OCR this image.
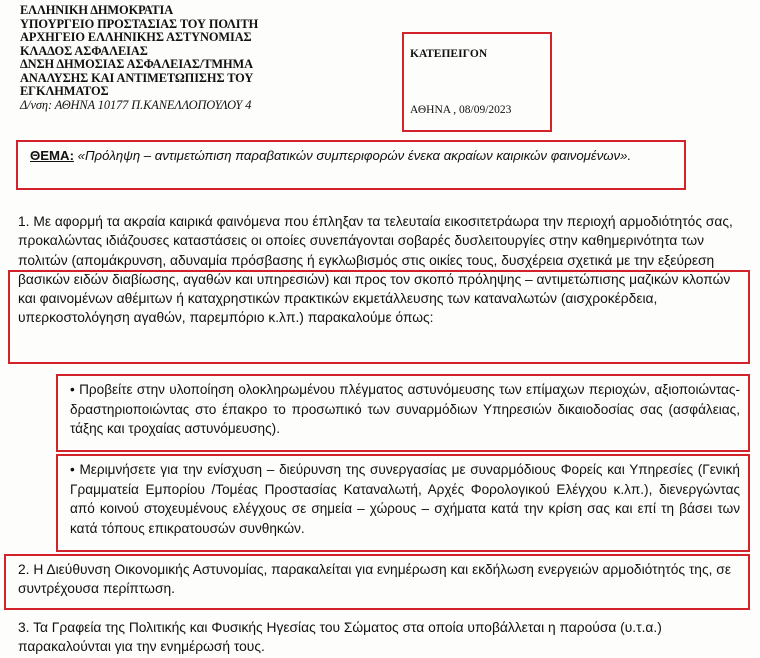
ΕΛΛΗΝΙΚΗ ΔΗΜΟΚΡΑΤΙΑ
ΥΠΟΥΡΓΕΙΟ ΠΡΟΣΤΑΣΙΑΣ ΤΟΥ ΠΟΛΙΤΗ
ΑΡΧΗΓΕΙΟ ΕΛΛΗΝΙΚΗΣ ΑΣΤΥΝΟΜΙΑΣ
ΚΛΑΔΟΣ ΑΣΦΑΛΕΙΑΣ
ΔΝΣΗ ΔΗΜΟΣΙΑΣ ΑΣΦΑΛΕΙΑΣ/ΤΜΗΜΑ
ΑΝΑΛΥΣΗΣ ΚΑΙ ΑΝΤΙΜΕΤΩΠΙΣΗΣ ΤΟΥ
ΕΓΚΛΗΜΑΤΟΣ
Δ/νση: ΑΘΗΝΑ 10177 Π.ΚΑΝΕΛΛΟΠΟΥΛΟΥ 4
ΚΑΤΕΠΕΙΓΟΝ
ΑΘΗΝΑ , 08/09/2023
ΘΕΜΑ: «Πρόληψη – αντιμετώπιση παραβατικών συμπεριφορών ένεκα ακραίων καιρικών φαινομένων».
1. Με αφορμή τα ακραία καιρικά φαινόμενα που έπληξαν τα τελευταία εικοσιτετράωρα την περιοχή αρμοδιότητός σας, προκαλώντας ιδιάζουσες καταστάσεις οι οποίες συνεπάγονται σοβαρές δυσλειτουργίες στην καθημερινότητα των πολιτών (απομάκρυνση, αδυναμία πρόσβασης ή εγκλωβισμός στις οικίες τους, δυσχέρεια σχετικά με την εξεύρεση βασικών ειδών διαβίωσης, αγαθών και υπηρεσιών) και προς τον σκοπό πρόληψης – αντιμετώπισης μαζικών κλοπών και φαινομένων αθέμιτων ή καταχρηστικών πρακτικών εκμετάλλευσης των καταναλωτών (αισχροκέρδεια, υπερκοστολόγηση αγαθών, παρεμπόριο κ.λπ.) παρακαλούμε όπως:
• Προβείτε στην υλοποίηση ολοκληρωμένου πλέγματος αστυνόμευσης των επίμαχων περιοχών, αξιοποιώντας-δραστηριοποιώντας στο έπακρο το προσωπικό των συναρμόδιων Υπηρεσιών δικαιοδοσίας σας (ασφάλειας, τάξης και τροχαίας αστυνόμευσης).
• Μεριμνήσετε για την ενίσχυση – διεύρυνση της συνεργασίας με συναρμόδιους Φορείς και Υπηρεσίες (Γενική Γραμματεία Εμπορίου /Τομέας Προστασίας Καταναλωτή, Αρχές Φορολογικού Ελέγχου κ.λπ.), διενεργώντας από κοινού στοχευμένους ελέγχους σε σημεία – χώρους – σχήματα κατά την κρίση σας και επί τη βάσει των κατά τόπους επικρατουσών συνθηκών.
2. Η Διεύθυνση Οικονομικής Αστυνομίας, παρακαλείται για ενημέρωση και εκδήλωση ενεργειών αρμοδιότητός της, σε συντρέχουσα περίπτωση.
3. Τα Γραφεία της Πολιτικής και Φυσικής Ηγεσίας του Σώματος στα οποία υποβάλλεται η παρούσα (υ.τ.α.) παρακαλούνται για την ενημέρωσή τους.
